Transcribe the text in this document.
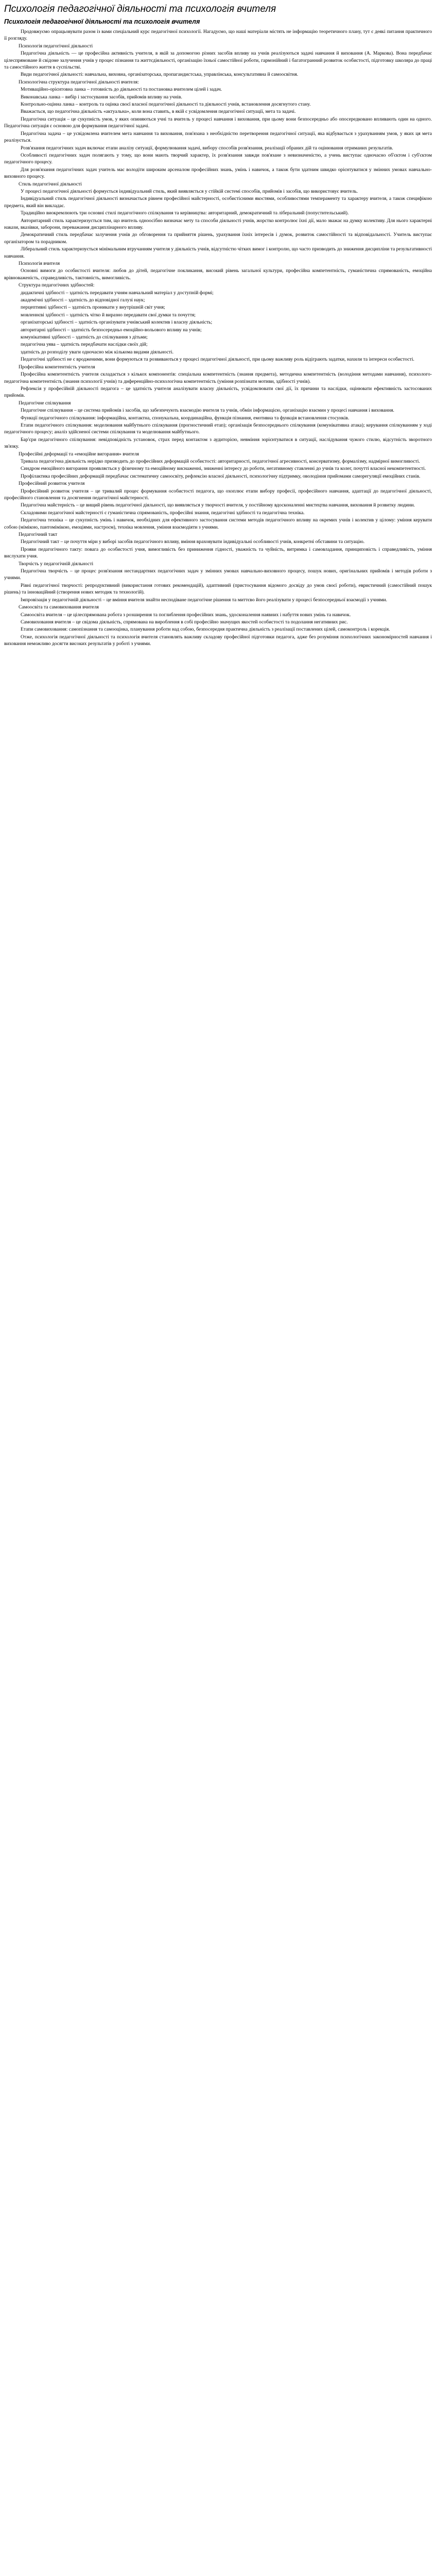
Психологія педагогічної діяльності та психологія вчителя
Психологія педагогічної діяльності та психологія вчителя

Продовжуємо опрацьовувати разом із вами спеціальний курс педагогічної психології. Нагадуємо, що наші матеріали містять не інформацію теоретичного плану, тут є деякі питання практичного її розгляду.

Психологія педагогічної діяльності

Педагогічна діяльність — це професійна активність учителя, в якій за допомогою різних засобів впливу на учнів реалізуються задачі навчання й виховання (А. Маркова). Вона передбачає цілеспрямоване й свідоме залучення учнів у процес пізнання та життєдіяльності, організацію їхньої самостійної роботи, гармонійний і багатогранний розвиток особистості, підготовку школяра до праці та самостійного життя в суспільстві.

Види педагогічної діяльності: навчальна, виховна, організаторська, пропагандистська, управлінська, консультативна й самоосвітня.

Психологічна структура педагогічної діяльності вчителя:

Мотиваційно-орієнтовна ланка – готовність до діяльності та постановка вчителем цілей і задач.

Виконавська ланка – вибір і застосування засобів, прийомів впливу на учнів.

Контрольно-оцінна ланка – контроль та оцінка своєї власної педагогічної діяльності та діяльності учнів, встановлення досягнутого стану.

Вважається, що педагогічна діяльність «актуальна», коли вона ставить, в якій є усвідомлення педагогічної ситуації, мета та задачі.

Педагогічна ситуація – це сукупність умов, у яких опиняються учні та вчитель у процесі навчання і виховання, при цьому вони безпосередньо або опосередковано впливають один на одного. Педагогічна ситуація є основою для формування педагогічної задачі.

Педагогічна задача – це усвідомлена вчителем мета навчання та виховання, пов'язана з необхідністю перетворення педагогічної ситуації, яка відбувається з урахуванням умов, у яких ця мета реалізується.

Розв'язання педагогічних задач включає етапи аналізу ситуації, формулювання задачі, вибору способів розв'язання, реалізації обраних дій та оцінювання отриманих результатів.

Особливості педагогічних задач полягають у тому, що вони мають творчий характер, їх розв'язання завжди пов'язане з невизначеністю, а учень виступає одночасно об'єктом і суб'єктом педагогічного процесу.

Для розв'язання педагогічних задач учитель має володіти широким арсеналом професійних знань, умінь і навичок, а також бути здатним швидко орієнтуватися у змінних умовах навчально-виховного процесу.

Стиль педагогічної діяльності

У процесі педагогічної діяльності формується індивідуальний стиль, який виявляється у стійкій системі способів, прийомів і засобів, що використовує вчитель.

Індивідуальний стиль педагогічної діяльності визначається рівнем професійної майстерності, особистісними якостями, особливостями темпераменту та характеру вчителя, а також специфікою предмета, який він викладає.

Традиційно виокремлюють три основні стилі педагогічного спілкування та керівництва: авторитарний, демократичний та ліберальний (попустительський).

Авторитарний стиль характеризується тим, що вчитель одноосібно визначає мету та способи діяльності учнів, жорстко контролює їхні дії, мало зважає на думку колективу. Для нього характерні накази, вказівки, заборони, переважання дисциплінарного впливу.

Демократичний стиль передбачає залучення учнів до обговорення та прийняття рішень, урахування їхніх інтересів і думок, розвиток самостійності та відповідальності. Учитель виступає організатором та порадником.

Ліберальний стиль характеризується мінімальним втручанням учителя у діяльність учнів, відсутністю чітких вимог і контролю, що часто призводить до зниження дисципліни та результативності навчання.

Психологія вчителя

Основні вимоги до особистості вчителя: любов до дітей, педагогічне покликання, високий рівень загальної культури, професійна компетентність, гуманістична спрямованість, емоційна врівноваженість, справедливість, тактовність, вимогливість.

Структура педагогічних здібностей:

дидактичні здібності – здатність передавати учням навчальний матеріал у доступній формі;

академічні здібності – здатність до відповідної галузі наук;

перцептивні здібності – здатність проникати у внутрішній світ учня;

мовленнєві здібності – здатність чітко й виразно передавати свої думки та почуття;

організаторські здібності – здатність організувати учнівський колектив і власну діяльність;

авторитарні здібності – здатність безпосередньо емоційно-вольового впливу на учнів;

комунікативні здібності – здатність до спілкування з дітьми;

педагогічна уява – здатність передбачати наслідки своїх дій;

здатність до розподілу уваги одночасно між кількома видами діяльності.

Педагогічні здібності не є вродженими, вони формуються та розвиваються у процесі педагогічної діяльності, при цьому важливу роль відіграють задатки, нахили та інтереси особистості.

Професійна компетентність учителя

Професійна компетентність учителя складається з кількох компонентів: спеціальна компетентність (знання предмета), методична компетентність (володіння методами навчання), психолого-педагогічна компетентність (знання психології учнів) та диференційно-психологічна компетентність (уміння розпізнати мотиви, здібності учнів).

Рефлексія у професійній діяльності педагога – це здатність учителя аналізувати власну діяльність, усвідомлювати свої дії, їх причини та наслідки, оцінювати ефективність застосованих прийомів.

Педагогічне спілкування

Педагогічне спілкування – це система прийомів і засобів, що забезпечують взаємодію вчителя та учнів, обмін інформацією, організацію взаємин у процесі навчання і виховання.

Функції педагогічного спілкування: інформаційна, контактна, спонукальна, координаційна, функція пізнання, емотивна та функція встановлення стосунків.

Етапи педагогічного спілкування: моделювання майбутнього спілкування (прогностичний етап); організація безпосереднього спілкування (комунікативна атака); керування спілкуванням у ході педагогічного процесу; аналіз здійсненої системи спілкування та моделювання майбутнього.

Бар'єри педагогічного спілкування: невідповідність установок, страх перед контактом з аудиторією, невміння зорієнтуватися в ситуації, наслідування чужого стилю, відсутність зворотного зв'язку.

Професійні деформації та «емоційне вигорання» вчителя

Тривала педагогічна діяльність нерідко призводить до професійних деформацій особистості: авторитарності, педагогічної агресивності, консерватизму, формалізму, надмірної вимогливості.

Синдром емоційного вигорання проявляється у фізичному та емоційному виснаженні, зниженні інтересу до роботи, негативному ставленні до учнів та колег, почутті власної некомпетентності.

Профілактика професійних деформацій передбачає систематичну самоосвіту, рефлексію власної діяльності, психологічну підтримку, оволодіння прийомами саморегуляції емоційних станів.

Професійний розвиток учителя

Професійний розвиток учителя – це тривалий процес формування особистості педагога, що охоплює етапи вибору професії, професійного навчання, адаптації до педагогічної діяльності, професійного становлення та досягнення педагогічної майстерності.

Педагогічна майстерність – це вищий рівень педагогічної діяльності, що виявляється у творчості вчителя, у постійному вдосконаленні мистецтва навчання, виховання й розвитку людини.

Складовими педагогічної майстерності є гуманістична спрямованість, професійні знання, педагогічні здібності та педагогічна техніка.

Педагогічна техніка – це сукупність умінь і навичок, необхідних для ефективного застосування системи методів педагогічного впливу на окремих учнів і колектив у цілому: уміння керувати собою (мімікою, пантомімікою, емоціями, настроєм), техніка мовлення, уміння взаємодіяти з учнями.

Педагогічний такт

Педагогічний такт – це почуття міри у виборі засобів педагогічного впливу, вміння враховувати індивідуальні особливості учнів, конкретні обставини та ситуацію.

Прояви педагогічного такту: повага до особистості учня, вимогливість без приниження гідності, уважність та чуйність, витримка і самовладання, принциповість і справедливість, уміння вислухати учня.

Творчість у педагогічній діяльності

Педагогічна творчість – це процес розв'язання нестандартних педагогічних задач у змінних умовах навчально-виховного процесу, пошук нових, оригінальних прийомів і методів роботи з учнями.

Рівні педагогічної творчості: репродуктивний (використання готових рекомендацій), адаптивний (пристосування відомого досвіду до умов своєї роботи), евристичний (самостійний пошук рішень) та інноваційний (створення нових методик та технологій).

Імпровізація у педагогічній діяльності – це вміння вчителя знайти несподіване педагогічне рішення та миттєво його реалізувати у процесі безпосередньої взаємодії з учнями.

Самоосвіта та самовиховання вчителя

Самоосвіта вчителя – це цілеспрямована робота з розширення та поглиблення професійних знань, удосконалення наявних і набуття нових умінь та навичок.

Самовиховання вчителя – це свідома діяльність, спрямована на вироблення в собі професійно значущих якостей особистості та подолання негативних рис.

Етапи самовиховання: самопізнання та самооцінка, планування роботи над собою, безпосередня практична діяльність з реалізації поставлених цілей, самоконтроль і корекція.

Отже, психологія педагогічної діяльності та психологія вчителя становлять важливу складову професійної підготовки педагога, адже без розуміння психологічних закономірностей навчання і виховання неможливо досягти високих результатів у роботі з учнями.
